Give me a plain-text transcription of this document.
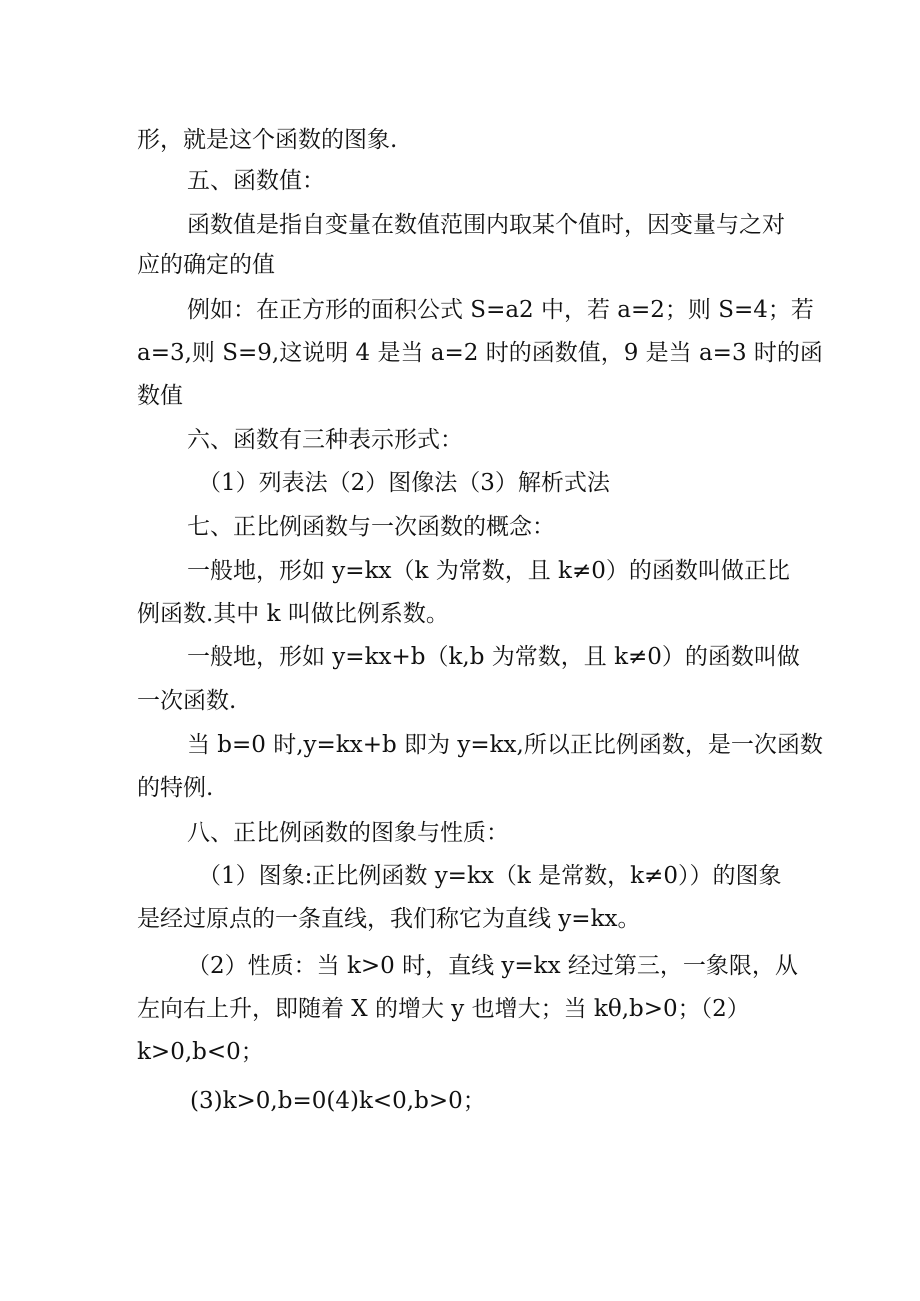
形，就是这个函数的图象.
五、函数值：
函数值是指自变量在数值范围内取某个值时，因变量与之对
应的确定的值
例如：在正方形的面积公式 S=a2 中，若 a=2；则 S=4；若
a=3,则 S=9,这说明 4 是当 a=2 时的函数值，9 是当 a=3 时的函
数值
六、函数有三种表示形式：
（1）列表法（2）图像法（3）解析式法
七、正比例函数与一次函数的概念：
一般地，形如 y=kx（k 为常数，且 k≠0）的函数叫做正比
例函数.其中 k 叫做比例系数。
一般地，形如 y=kx+b（k,b 为常数，且 k≠0）的函数叫做
一次函数.
当 b=0 时,y=kx+b 即为 y=kx,所以正比例函数，是一次函数
的特例.
八、正比例函数的图象与性质：
（1）图象:正比例函数 y=kx（k 是常数，k≠0））的图象
是经过原点的一条直线，我们称它为直线 y=kx。
（2）性质：当 k>0 时，直线 y=kx 经过第三，一象限，从
左向右上升，即随着 X 的增大 y 也增大；当 kθ,b>0；（2）
k>0,b<0；
(3)k>0,b=0(4)k<0,b>0；
